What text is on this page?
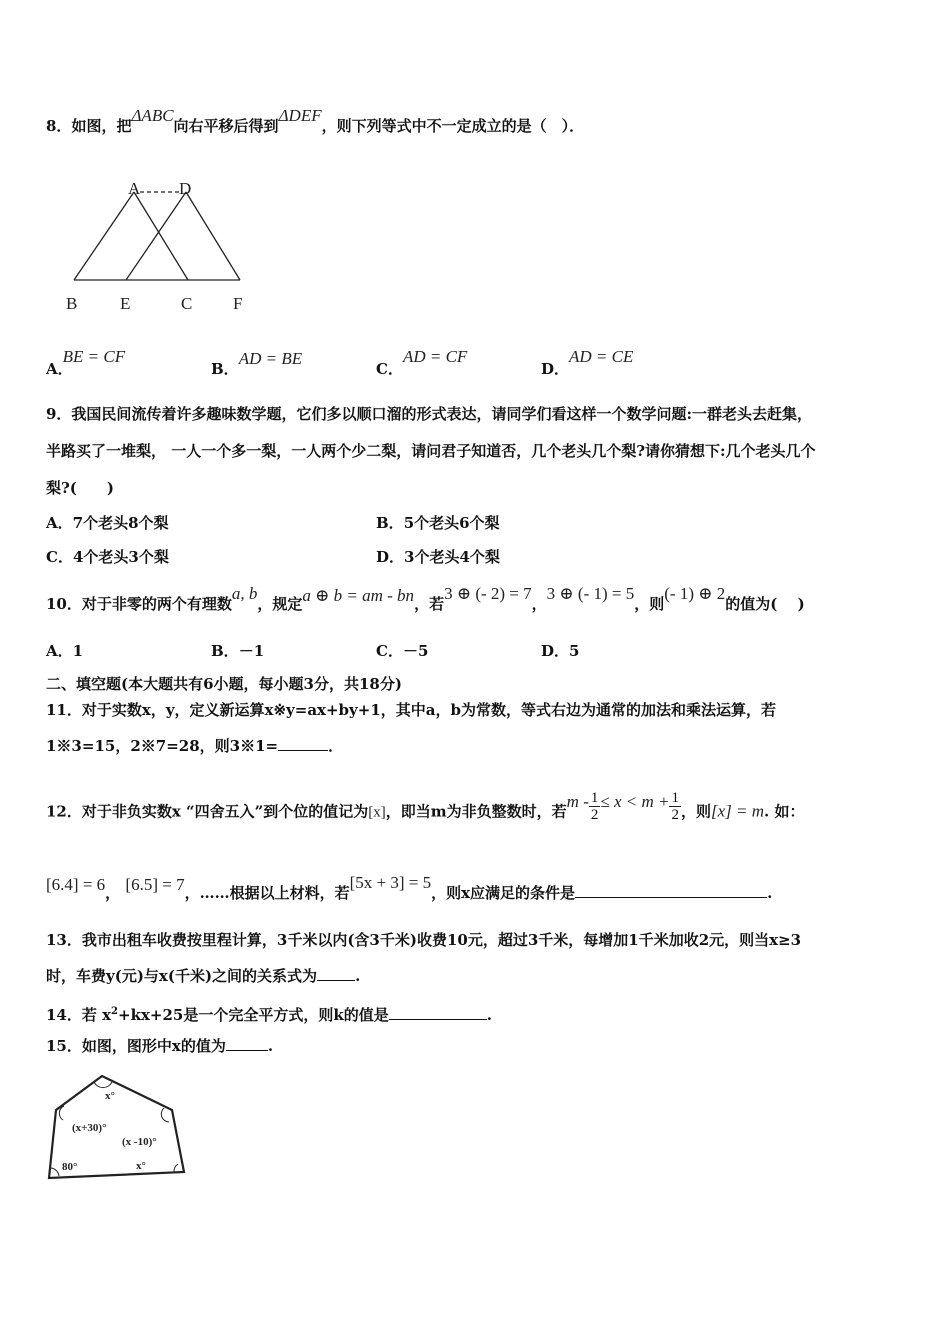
8．如图，把ΔABC向右平移后得到ΔDEF，则下列等式中不一定成立的是（　）．
A D
B	E	C F
A．BE = CF
B．AD = BE
C．AD = CF
D．AD = CE
9．我国民间流传着许多趣味数学题，它们多以顺口溜的形式表达，请同学们看这样一个数学问题:一群老头去赶集，
半路买了一堆梨， 一人一个多一梨，一人两个少二梨，请问君子知道否，几个老头几个梨?请你猜想下:几个老头几个
梨?(　　)
A．7个老头8个梨	B．5个老头6个梨
C．4个老头3个梨	D．3个老头4个梨
10．对于非零的两个有理数a, b，规定a ⊕ b = am - bn，若3 ⊕ (- 2) = 7，3 ⊕ (- 1) = 5，则(- 1) ⊕ 2的值为(　 )
A．1	B．－1	C．－5	D．5
二、填空题(本大题共有6小题，每小题3分，共18分)
11．对于实数x，y，定义新运算x※y=ax+by+1，其中a，b为常数，等式右边为通常的加法和乘法运算，若
1※3=15，2※7=28，则3※1=	．
12．对于非负实数x “四舍五入”到个位的值记为[x]，即当m为非负整数时，若$m - \frac{1}{2} \le x < m + \frac{1}{2}$ ，则[x] = m. 如：
[6.4] = 6， [6.5] = 7，……根据以上材料，若[5x + 3] = 5，则x应满足的条件是	.
13．我市出租车收费按里程计算，3千米以内(含3千米)收费10元，超过3千米，每增加1千米加收2元，则当x≥3
时，车费y(元)与x(千米)之间的关系式为	.
14．若 $x^2+kx+25$是一个完全平方式，则k的值是	.
15．如图，图形中x的值为	.
x°
(x+30)°
(x -10)°
80°	x°
